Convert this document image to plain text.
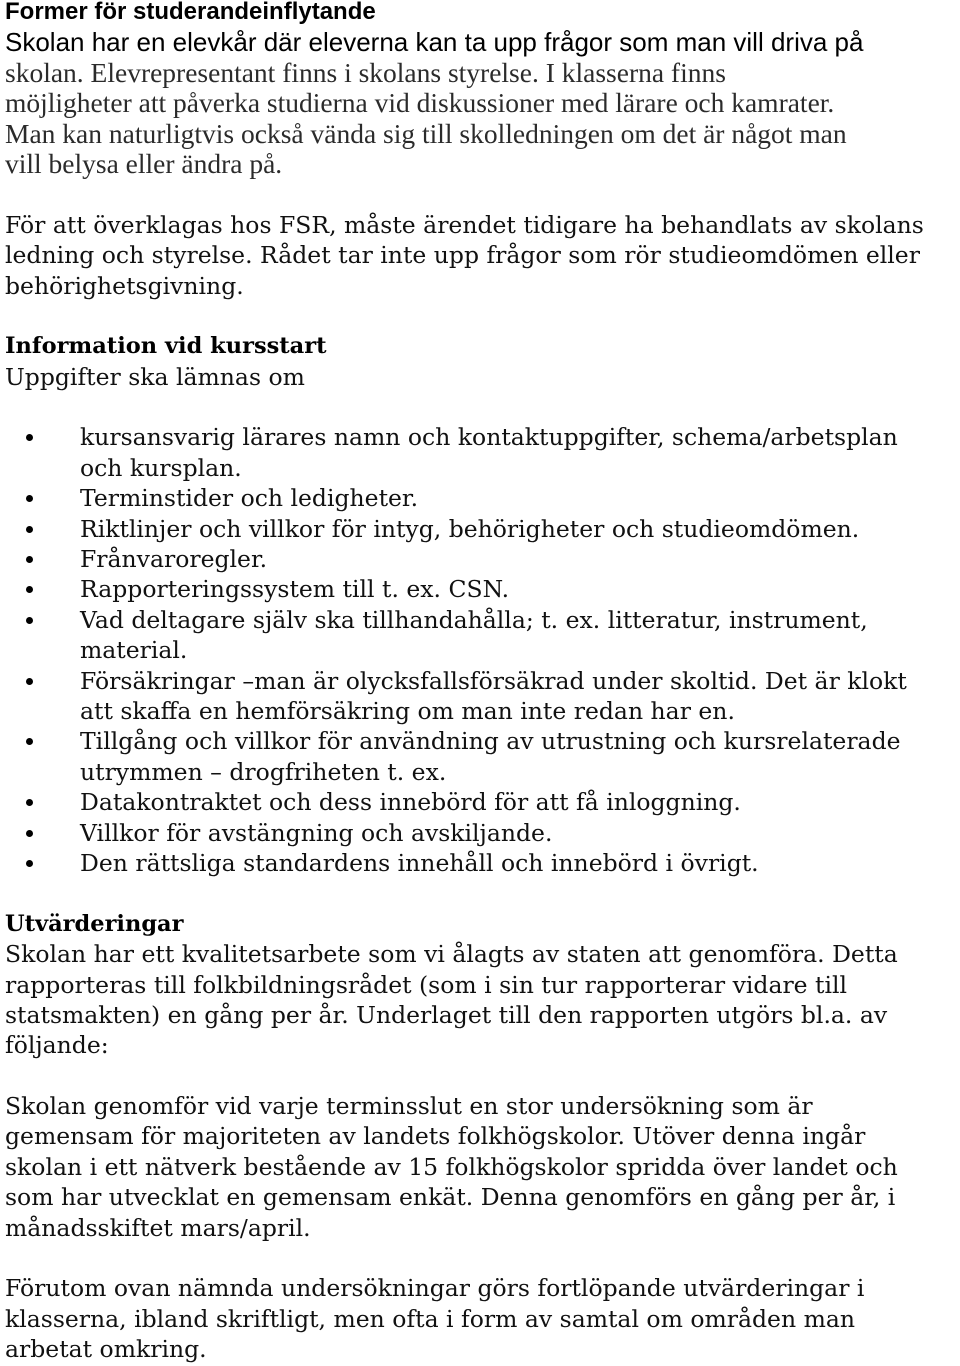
Former för studerandeinflytande
Skolan har en elevkår där eleverna kan ta upp frågor som man vill driva på
skolan. Elevrepresentant finns i skolans styrelse. I klasserna finns
möjligheter att påverka studierna vid diskussioner med lärare och kamrater.
Man kan naturligtvis också vända sig till skolledningen om det är något man
vill belysa eller ändra på.
För att överklagas hos FSR, måste ärendet tidigare ha behandlats av skolans
ledning och styrelse. Rådet tar inte upp frågor som rör studieomdömen eller
behörighetsgivning.
Information vid kursstart
Uppgifter ska lämnas om
kursansvarig lärares namn och kontaktuppgifter, schema/arbetsplan
och kursplan.
Terminstider och ledigheter.
Riktlinjer och villkor för intyg, behörigheter och studieomdömen.
Frånvaroregler.
Rapporteringssystem till t. ex. CSN.
Vad deltagare själv ska tillhandahålla; t. ex. litteratur, instrument,
material.
Försäkringar –man är olycksfallsförsäkrad under skoltid. Det är klokt
att skaffa en hemförsäkring om man inte redan har en.
Tillgång och villkor för användning av utrustning och kursrelaterade
utrymmen – drogfriheten t. ex.
Datakontraktet och dess innebörd för att få inloggning.
Villkor för avstängning och avskiljande.
Den rättsliga standardens innehåll och innebörd i övrigt.
Utvärderingar
Skolan har ett kvalitetsarbete som vi ålagts av staten att genomföra. Detta
rapporteras till folkbildningsrådet (som i sin tur rapporterar vidare till
statsmakten) en gång per år. Underlaget till den rapporten utgörs bl.a. av
följande:
Skolan genomför vid varje terminsslut en stor undersökning som är
gemensam för majoriteten av landets folkhögskolor. Utöver denna ingår
skolan i ett nätverk bestående av 15 folkhögskolor spridda över landet och
som har utvecklat en gemensam enkät. Denna genomförs en gång per år, i
månadsskiftet mars/april.
Förutom ovan nämnda undersökningar görs fortlöpande utvärderingar i
klasserna, ibland skriftligt, men ofta i form av samtal om områden man
arbetat omkring.
